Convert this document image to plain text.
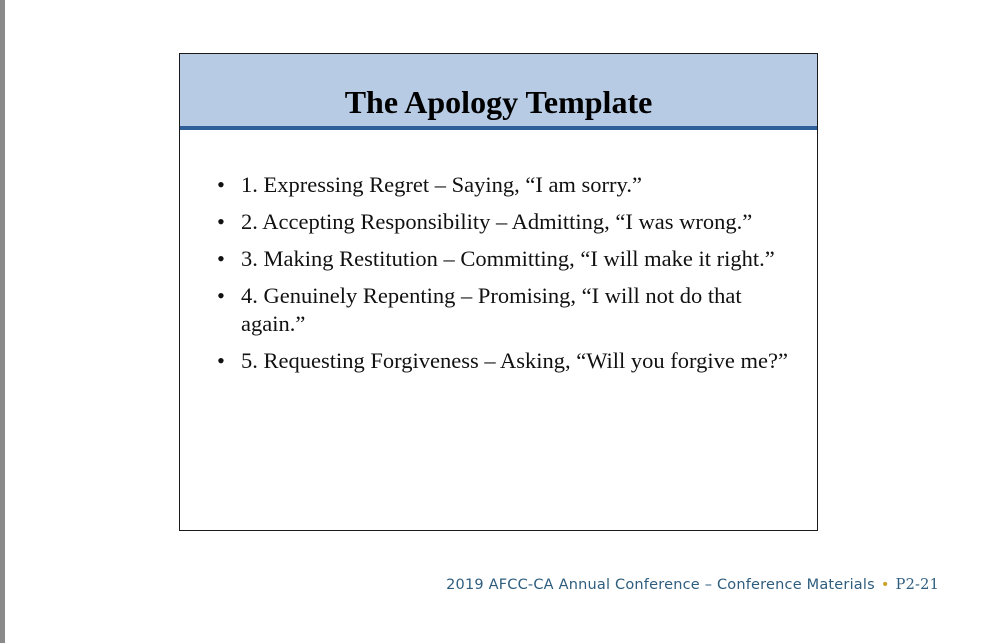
The Apology Template
• 1. Expressing Regret – Saying, “I am sorry.”
• 2. Accepting Responsibility – Admitting, “I was wrong.”
• 3. Making Restitution – Committing, “I will make it right.”
• 4. Genuinely Repenting – Promising, “I will not do that again.”
• 5. Requesting Forgiveness – Asking, “Will you forgive me?”
2019 AFCC-CA Annual Conference – Conference Materials • P2-21
